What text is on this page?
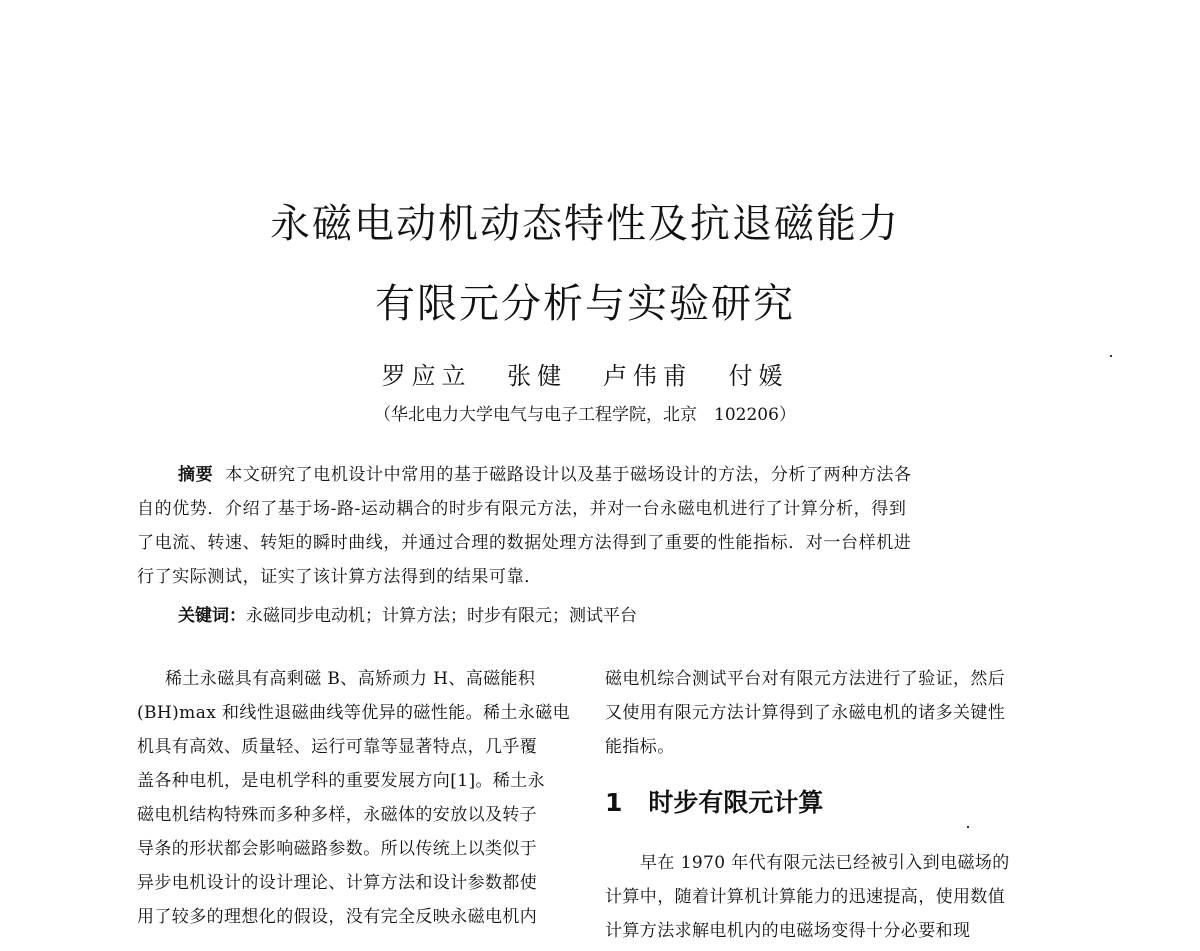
永磁电动机动态特性及抗退磁能力
有限元分析与实验研究
罗应立 张健 卢伟甫 付媛
（华北电力大学电气与电子工程学院，北京　102206）
摘要 本文研究了电机设计中常用的基于磁路设计以及基于磁场设计的方法，分析了两种方法各
自的优势．介绍了基于场-路-运动耦合的时步有限元方法，并对一台永磁电机进行了计算分析，得到
了电流、转速、转矩的瞬时曲线，并通过合理的数据处理方法得到了重要的性能指标．对一台样机进
行了实际测试，证实了该计算方法得到的结果可靠．
关键词：永磁同步电动机；计算方法；时步有限元；测试平台
稀土永磁具有高剩磁 B、高矫顽力 H、高磁能积
(BH)max 和线性退磁曲线等优异的磁性能。稀土永磁电
机具有高效、质量轻、运行可靠等显著特点，几乎覆
盖各种电机，是电机学科的重要发展方向[1]。稀土永
磁电机结构特殊而多种多样，永磁体的安放以及转子
导条的形状都会影响磁路参数。所以传统上以类似于
异步电机设计的设计理论、计算方法和设计参数都使
用了较多的理想化的假设，没有完全反映永磁电机内
磁电机综合测试平台对有限元方法进行了验证，然后
又使用有限元方法计算得到了永磁电机的诸多关键性
能指标。
1 时步有限元计算
早在 1970 年代有限元法已经被引入到电磁场的
计算中，随着计算机计算能力的迅速提高，使用数值
计算方法求解电机内的电磁场变得十分必要和现
